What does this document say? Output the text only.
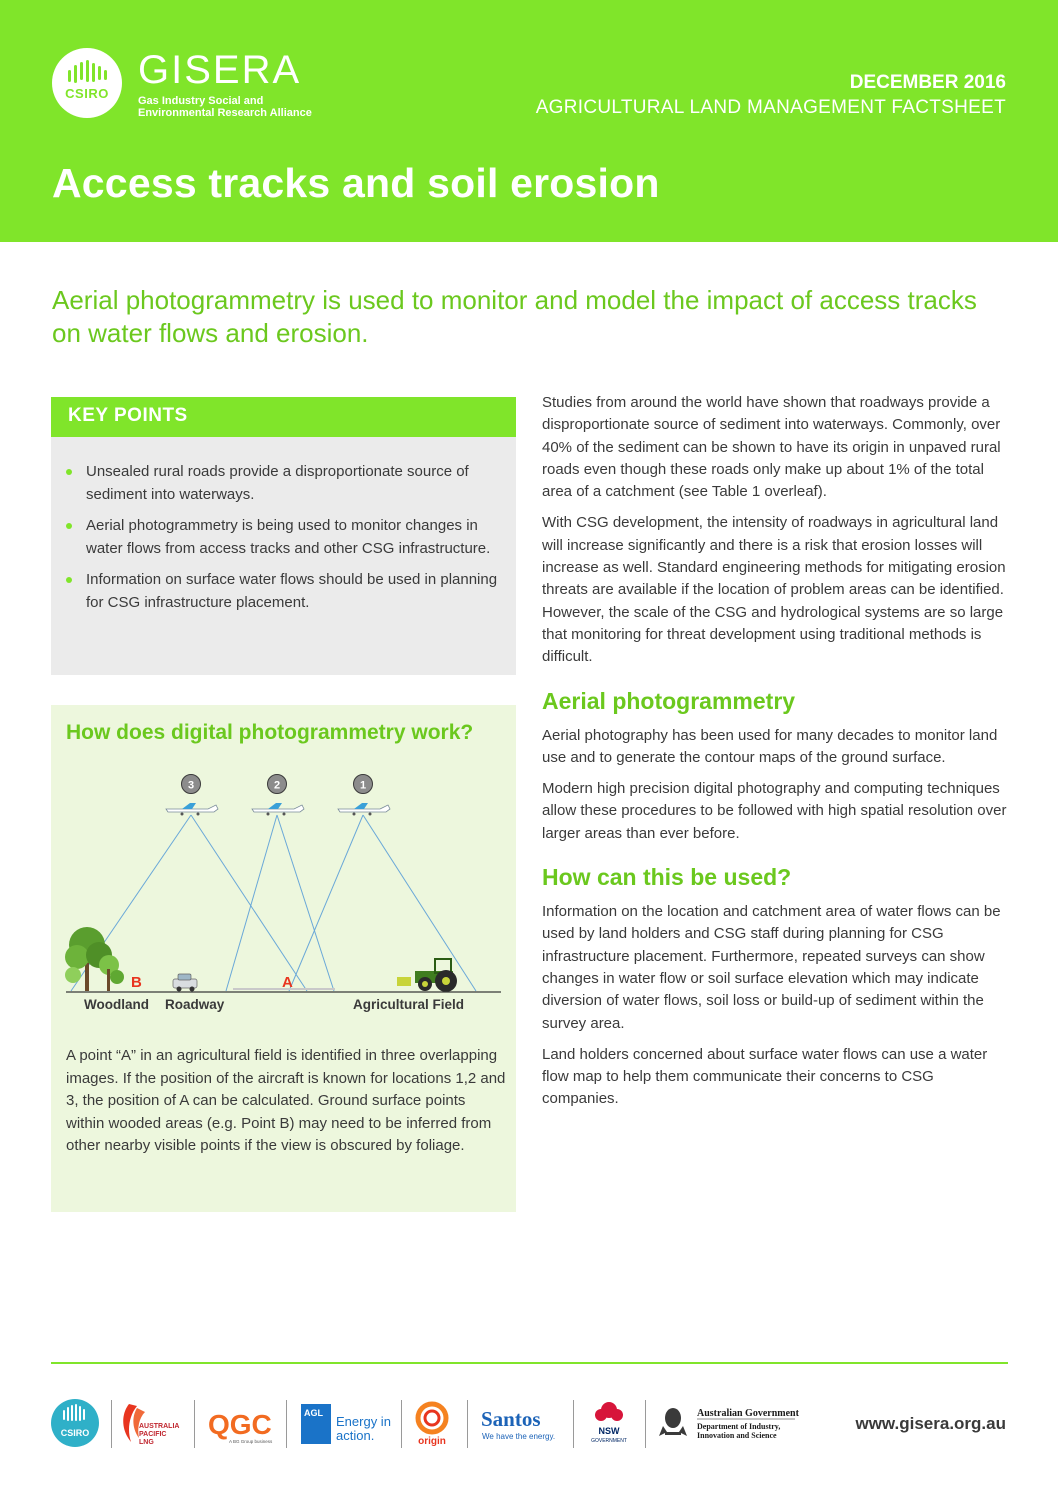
CSIRO
GISERA
Gas Industry Social and
Environmental Research Alliance
DECEMBER 2016
AGRICULTURAL LAND MANAGEMENT FACTSHEET
Access tracks and soil erosion
Aerial photogrammetry is used to monitor and model the impact of access tracks on water flows and erosion.
KEY POINTS
Unsealed rural roads provide a disproportionate source of sediment into waterways.
Aerial photogrammetry is being used to monitor changes in water flows from access tracks and other CSG infrastructure.
Information on surface water flows should be used in planning for CSG infrastructure placement.
How does digital photogrammetry work?
3	2	1
B	A
Woodland Roadway	Agricultural Field
A point “A” in an agricultural field is identified in three overlapping images. If the position of the aircraft is known for locations 1,2 and 3, the position of A can be calculated. Ground surface points within wooded areas (e.g. Point B) may need to be inferred from other nearby visible points if the view is obscured by foliage.

Studies from around the world have shown that roadways provide a disproportionate source of sediment into waterways. Commonly, over 40% of the sediment can be shown to have its origin in unpaved rural roads even though these roads only make up about 1% of the total area of a catchment (see Table 1 overleaf).

With CSG development, the intensity of roadways in agricultural land will increase significantly and there is a risk that erosion losses will increase as well. Standard engineering methods for mitigating erosion threats are available if the location of problem areas can be identified. However, the scale of the CSG and hydrological systems are so large that monitoring for threat development using traditional methods is difficult.

Aerial photogrammetry

Aerial photography has been used for many decades to monitor land use and to generate the contour maps of the ground surface.

Modern high precision digital photography and computing techniques allow these procedures to be followed with high spatial resolution over larger areas than ever before.

How can this be used?

Information on the location and catchment area of water flows can be used by land holders and CSG staff during planning for CSG infrastructure placement. Furthermore, repeated surveys can show changes in water flow or soil surface elevation which may indicate diversion of water flows, soil loss or build-up of sediment within the survey area.

Land holders concerned about surface water flows can use a water flow map to help them communicate their concerns to CSG companies.

CSIRO
AUSTRALIA
PACIFIC
LNG
QGC
A BG Group business
AGL
Energy in
action.	origin
Santos
We have the energy.
NSW
GOVERNMENT
Australian Government
Department of Industry,
Innovation and Science
www.gisera.org.au
